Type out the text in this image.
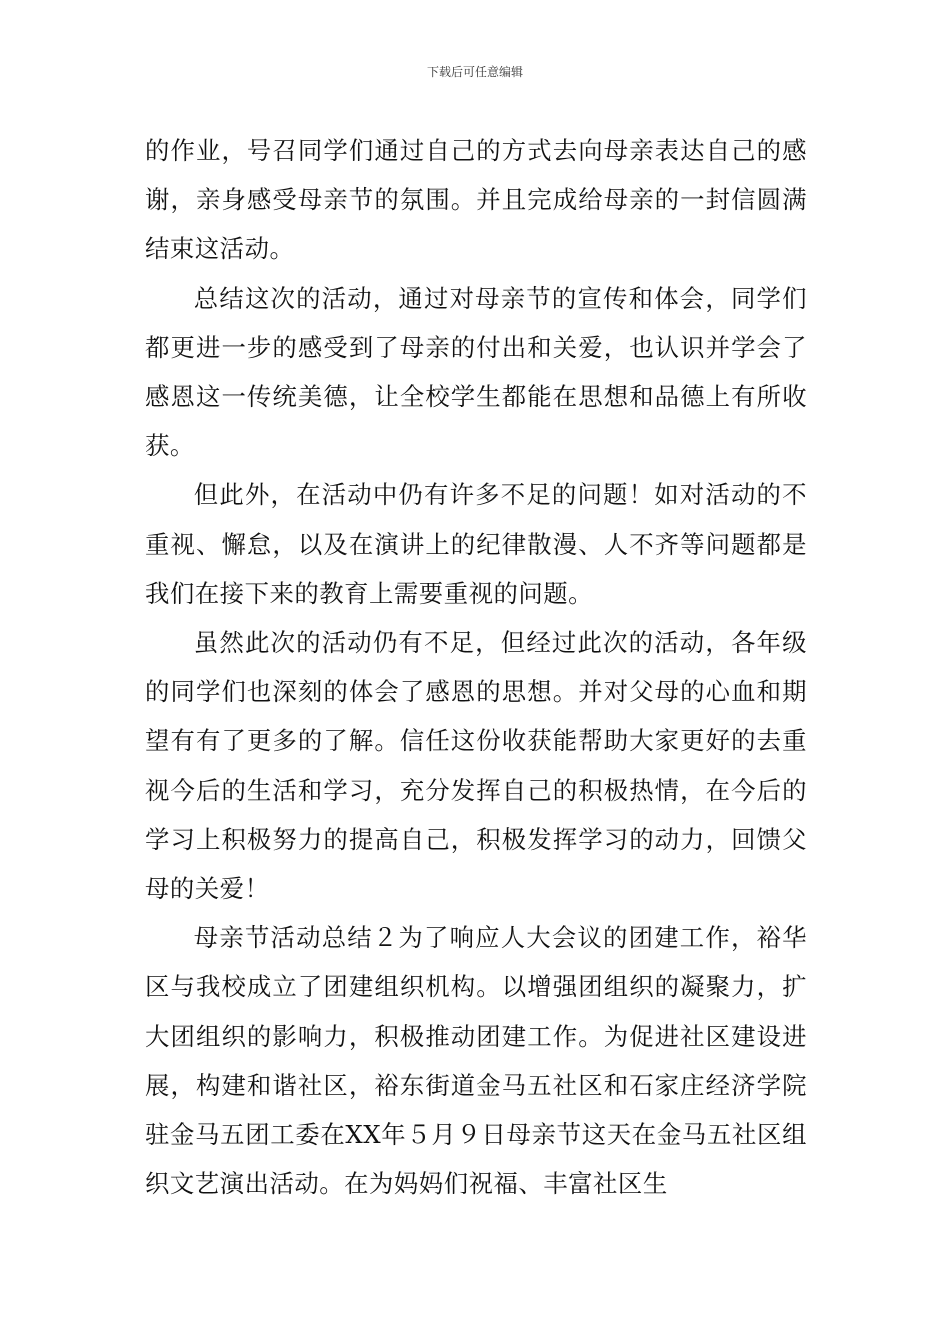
下载后可任意编辑

的作业，号召同学们通过自己的方式去向母亲表达自己的感谢，亲身感受母亲节的氛围。并且完成给母亲的一封信圆满结束这活动。

总结这次的活动，通过对母亲节的宣传和体会，同学们都更进一步的感受到了母亲的付出和关爱，也认识并学会了感恩这一传统美德，让全校学生都能在思想和品德上有所收获。

但此外，在活动中仍有许多不足的问题！如对活动的不重视、懈怠，以及在演讲上的纪律散漫、人不齐等问题都是我们在接下来的教育上需要重视的问题。

虽然此次的活动仍有不足，但经过此次的活动，各年级的同学们也深刻的体会了感恩的思想。并对父母的心血和期望有有了更多的了解。信任这份收获能帮助大家更好的去重视今后的生活和学习，充分发挥自己的积极热情，在今后的学习上积极努力的提高自己，积极发挥学习的动力，回馈父母的关爱！

母亲节活动总结２为了响应人大会议的团建工作，裕华区与我校成立了团建组织机构。以增强团组织的凝聚力，扩大团组织的影响力，积极推动团建工作。为促进社区建设进展，构建和谐社区，裕东街道金马五社区和石家庄经济学院驻金马五团工委在XX年５月９日母亲节这天在金马五社区组织文艺演出活动。在为妈妈们祝福、丰富社区生
